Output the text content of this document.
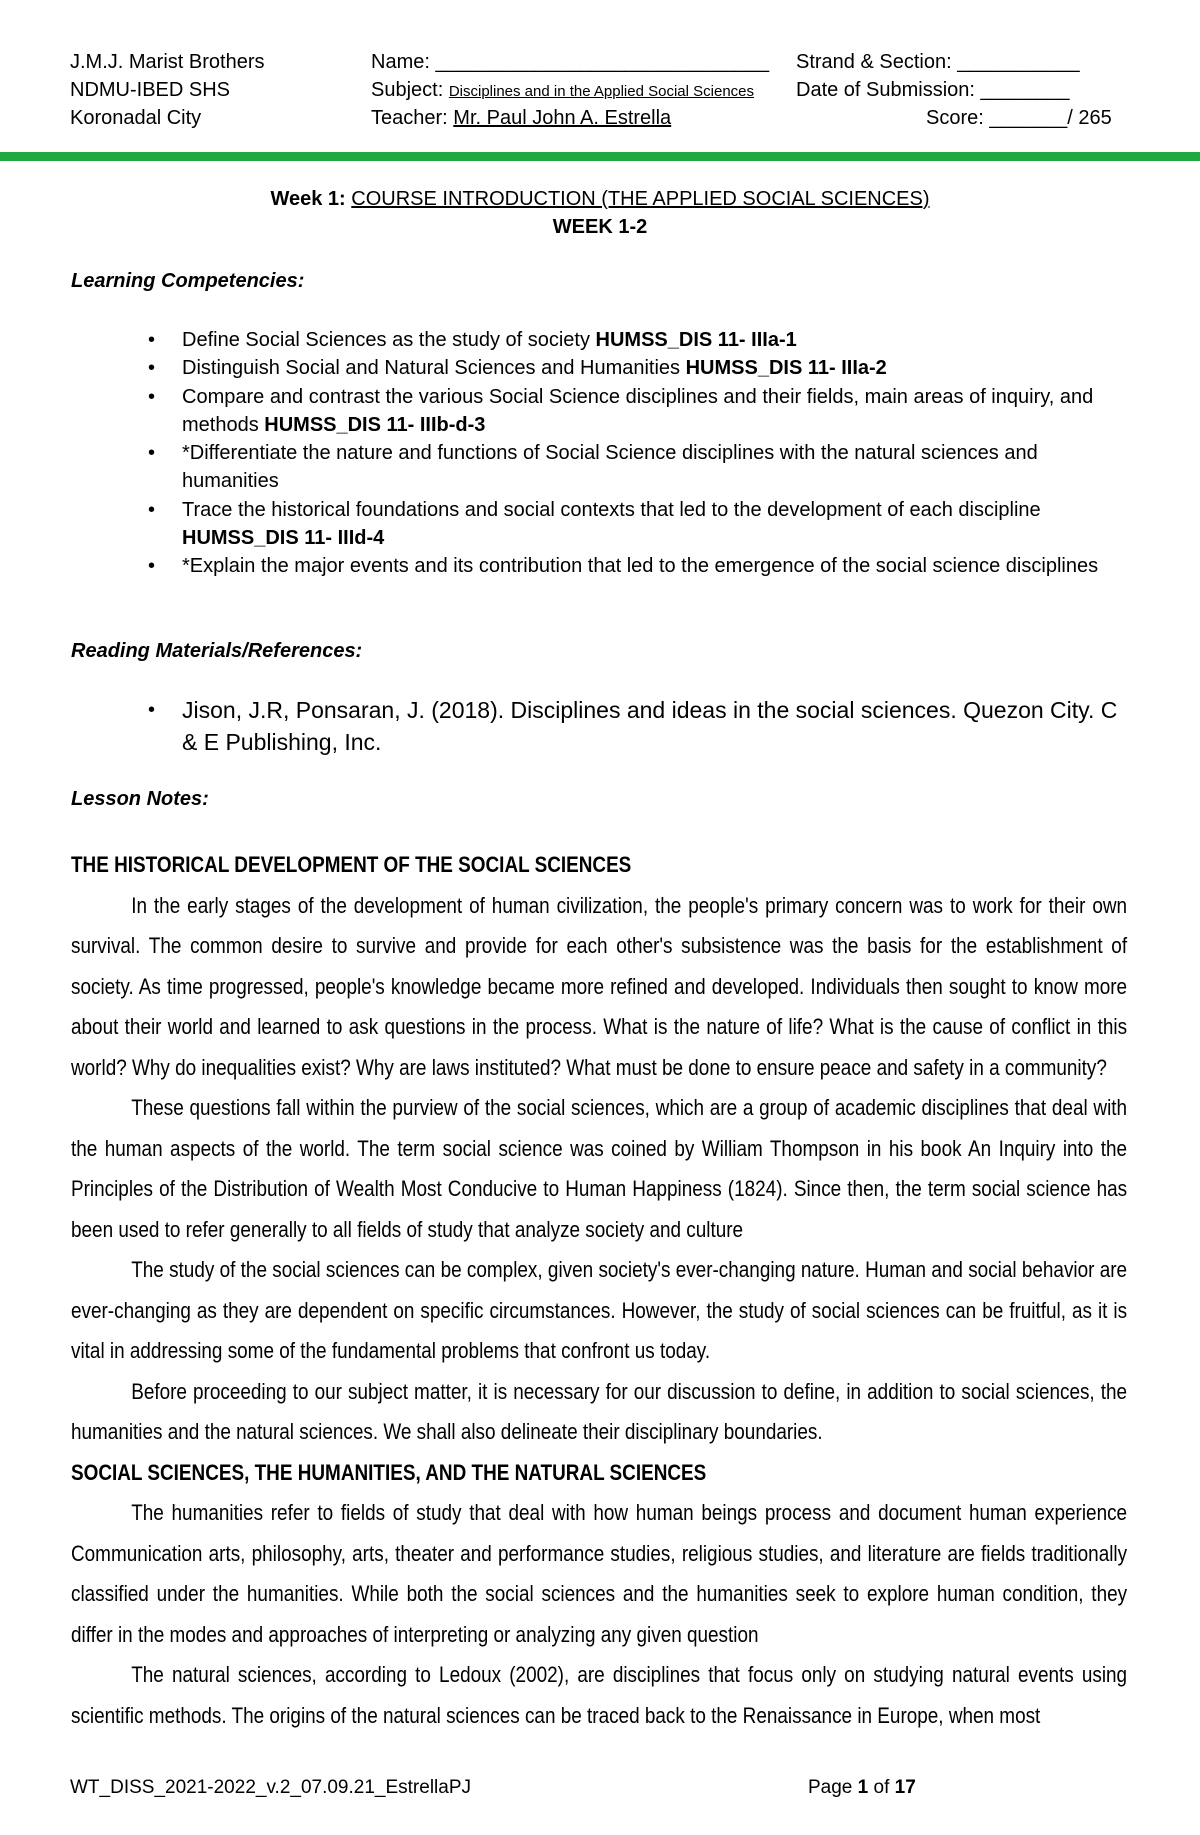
J.M.J. Marist Brothers	Name: ______________________________	Strand & Section: ___________
NDMU-IBED SHS	Subject: Disciplines and in the Applied Social Sciences	Date of Submission: ________
Koronadal City	Teacher: Mr. Paul John A. Estrella	Score: _______/ 265
Week 1: COURSE INTRODUCTION (THE APPLIED SOCIAL SCIENCES)
WEEK 1-2
Learning Competencies:
• Define Social Sciences as the study of society HUMSS_DIS 11- IIIa-1
• Distinguish Social and Natural Sciences and Humanities HUMSS_DIS 11- IIIa-2
• Compare and contrast the various Social Science disciplines and their fields, main areas of inquiry, and methods HUMSS_DIS 11- IIIb-d-3
• *Differentiate the nature and functions of Social Science disciplines with the natural sciences and humanities
• Trace the historical foundations and social contexts that led to the development of each discipline HUMSS_DIS 11- IIId-4
• *Explain the major events and its contribution that led to the emergence of the social science disciplines
Reading Materials/References:
• Jison, J.R, Ponsaran, J. (2018). Disciplines and ideas in the social sciences. Quezon City. C & E Publishing, Inc.
Lesson Notes:

THE HISTORICAL DEVELOPMENT OF THE SOCIAL SCIENCES

In the early stages of the development of human civilization, the people's primary concern was to work for their own survival. The common desire to survive and provide for each other's subsistence was the basis for the establishment of society. As time progressed, people's knowledge became more refined and developed. Individuals then sought to know more about their world and learned to ask questions in the process. What is the nature of life? What is the cause of conflict in this world? Why do inequalities exist? Why are laws instituted? What must be done to ensure peace and safety in a community?

These questions fall within the purview of the social sciences, which are a group of academic disciplines that deal with the human aspects of the world. The term social science was coined by William Thompson in his book An Inquiry into the Principles of the Distribution of Wealth Most Conducive to Human Happiness (1824). Since then, the term social science has been used to refer generally to all fields of study that analyze society and culture

The study of the social sciences can be complex, given society's ever-changing nature. Human and social behavior are ever-changing as they are dependent on specific circumstances. However, the study of social sciences can be fruitful, as it is vital in addressing some of the fundamental problems that confront us today.

Before proceeding to our subject matter, it is necessary for our discussion to define, in addition to social sciences, the humanities and the natural sciences. We shall also delineate their disciplinary boundaries.

SOCIAL SCIENCES, THE HUMANITIES, AND THE NATURAL SCIENCES

The humanities refer to fields of study that deal with how human beings process and document human experience Communication arts, philosophy, arts, theater and performance studies, religious studies, and literature are fields traditionally classified under the humanities. While both the social sciences and the humanities seek to explore human condition, they differ in the modes and approaches of interpreting or analyzing any given question

The natural sciences, according to Ledoux (2002), are disciplines that focus only on studying natural events using scientific methods. The origins of the natural sciences can be traced back to the Renaissance in Europe, when most

WT_DISS_2021-2022_v.2_07.09.21_EstrellaPJ	Page 1 of 17
